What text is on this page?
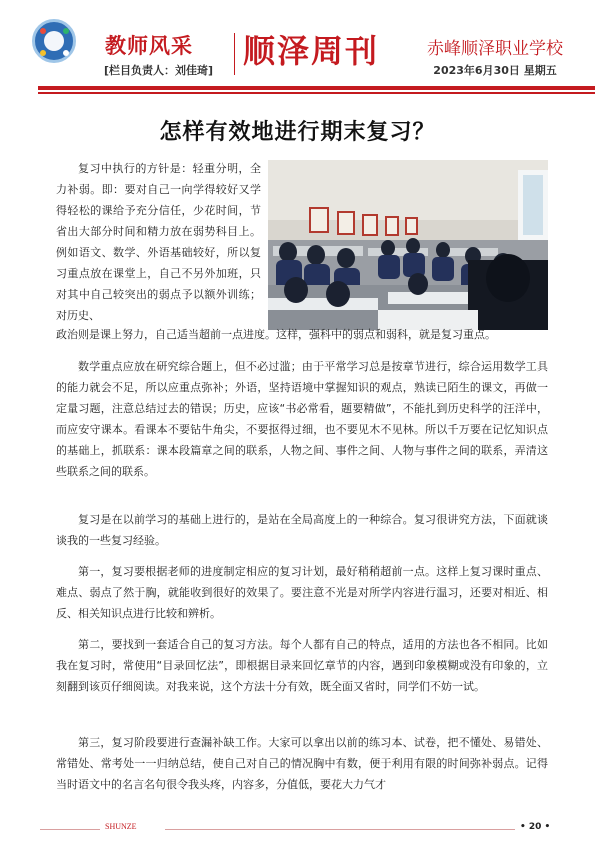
教师风采
[栏目负责人：刘佳琦]
顺泽周刊	赤峰顺泽职业学校
2023年6月30日 星期五
怎样有效地进行期末复习？

复习中执行的方针是：轻重分明，全力补弱。即：要对自己一向学得较好又学得轻松的课给予充分信任，少花时间，节省出大部分时间和精力放在弱势科目上。例如语文、数学、外语基础较好，所以复习重点放在课堂上，自己不另外加班，只对其中自己较突出的弱点予以额外训练；对历史、

政治则是课上努力，自己适当超前一点进度。这样，强科中的弱点和弱科，就是复习重点。

数学重点应放在研究综合题上，但不必过滥；由于平常学习总是按章节进行，综合运用数学工具的能力就会不足，所以应重点弥补；外语，坚持语境中掌握知识的观点，熟读已陌生的课文，再做一定量习题，注意总结过去的错误；历史，应该“书必常看，题要精做”，不能扎到历史科学的汪洋中，而应安守课本。看课本不要钻牛角尖，不要抠得过细，也不要见木不见林。所以千万要在记忆知识点的基础上，抓联系：课本段篇章之间的联系，人物之间、事件之间、人物与事件之间的联系，弄清这些联系之间的联系。

复习是在以前学习的基础上进行的，是站在全局高度上的一种综合。复习很讲究方法，下面就谈谈我的一些复习经验。

第一，复习要根据老师的进度制定相应的复习计划，最好稍稍超前一点。这样上复习课时重点、难点、弱点了然于胸，就能收到很好的效果了。要注意不光是对所学内容进行温习，还要对相近、相反、相关知识点进行比较和辨析。

第二，要找到一套适合自己的复习方法。每个人都有自己的特点，适用的方法也各不相同。比如我在复习时，常使用“目录回忆法”，即根据目录来回忆章节的内容，遇到印象模糊或没有印象的，立刻翻到该页仔细阅读。对我来说，这个方法十分有效，既全面又省时，同学们不妨一试。

第三，复习阶段要进行查漏补缺工作。大家可以拿出以前的练习本、试卷，把不懂处、易错处、常错处、常考处一一归纳总结，使自己对自己的情况胸中有数，便于利用有限的时间弥补弱点。记得当时语文中的名言名句很令我头疼，内容多，分值低，要花大力气才

SHUNZE	• 20 •
